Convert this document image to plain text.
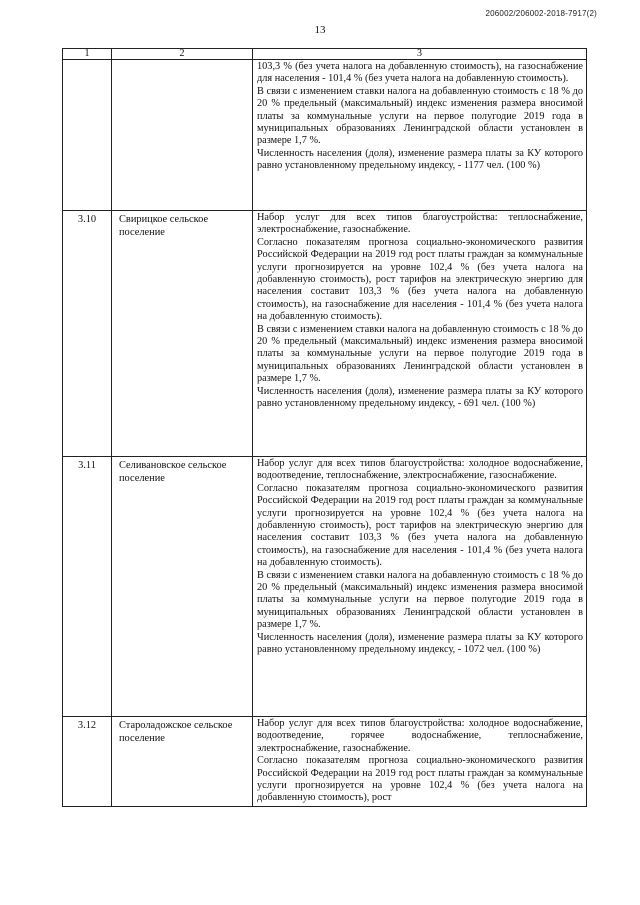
206002/206002-2018-7917(2)
13
1	2	3

		103,3 % (без учета налога на добавленную стоимость), на газоснабжение для населения - 101,4 % (без учета налога на добавленную стоимость).

В связи с изменением ставки налога на добавленную стоимость с 18 % до 20 % предельный (максимальный) индекс изменения размера вносимой платы за коммунальные услуги на первое полугодие 2019 года в муниципальных образованиях Ленинградской области установлен в размере 1,7 %.

Численность населения (доля), изменение размера платы за КУ которого равно установленному предельному индексу, - 1177 чел. (100 %)

3.10	Свирицкое сельское поселение	Набор услуг для всех типов благоустройства: теплоснабжение, электроснабжение, газоснабжение.

Согласно показателям прогноза социально-экономического развития Российской Федерации на 2019 год рост платы граждан за коммунальные услуги прогнозируется на уровне 102,4 % (без учета налога на добавленную стоимость), рост тарифов на электрическую энергию для населения составит 103,3 % (без учета налога на добавленную стоимость), на газоснабжение для населения - 101,4 % (без учета налога на добавленную стоимость).

В связи с изменением ставки налога на добавленную стоимость с 18 % до 20 % предельный (максимальный) индекс изменения размера вносимой платы за коммунальные услуги на первое полугодие 2019 года в муниципальных образованиях Ленинградской области установлен в размере 1,7 %.

Численность населения (доля), изменение размера платы за КУ которого равно установленному предельному индексу, - 691 чел. (100 %)

3.11	Селивановское сельское поселение	Набор услуг для всех типов благоустройства: холодное водоснабжение, водоотведение, теплоснабжение, электроснабжение, газоснабжение.

Согласно показателям прогноза социально-экономического развития Российской Федерации на 2019 год рост платы граждан за коммунальные услуги прогнозируется на уровне 102,4 % (без учета налога на добавленную стоимость), рост тарифов на электрическую энергию для населения составит 103,3 % (без учета налога на добавленную стоимость), на газоснабжение для населения - 101,4 % (без учета налога на добавленную стоимость).

В связи с изменением ставки налога на добавленную стоимость с 18 % до 20 % предельный (максимальный) индекс изменения размера вносимой платы за коммунальные услуги на первое полугодие 2019 года в муниципальных образованиях Ленинградской области установлен в размере 1,7 %.

Численность населения (доля), изменение размера платы за КУ которого равно установленному предельному индексу, - 1072 чел. (100 %)

3.12	Староладожское сельское поселение	Набор услуг для всех типов благоустройства: холодное водоснабжение, водоотведение, горячее водоснабжение, теплоснабжение, электроснабжение, газоснабжение.

Согласно показателям прогноза социально-экономического развития Российской Федерации на 2019 год рост платы граждан за коммунальные услуги прогнозируется на уровне 102,4 % (без учета налога на добавленную стоимость), рост
